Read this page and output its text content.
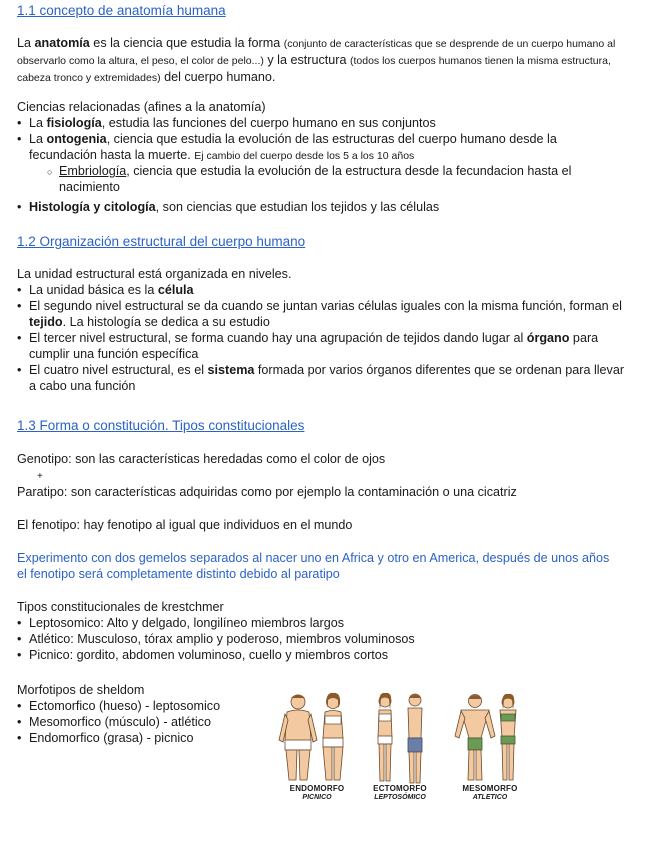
1.1 concepto de anatomía humana

La anatomía es la ciencia que estudia la forma (conjunto de características que se desprende de un cuerpo humano al observarlo como la altura, el peso, el color de pelo...) y la estructura (todos los cuerpos humanos tienen la misma estructura, cabeza tronco y extremidades) del cuerpo humano.

Ciencias relacionadas (afines a la anatomía)

• La fisiología, estudia las funciones del cuerpo humano en sus conjuntos
• La ontogenia, ciencia que estudia la evolución de las estructuras del cuerpo humano desde la fecundación hasta la muerte. Ej cambio del cuerpo desde los 5 a los 10 años
○ Embriología, ciencia que estudia la evolución de la estructura desde la fecundacion hasta el nacimiento
• Histología y citología, son ciencias que estudian los tejidos y las células
1.2 Organización estructural del cuerpo humano

La unidad estructural está organizada en niveles.

• La unidad básica es la célula
• El segundo nivel estructural se da cuando se juntan varias células iguales con la misma función, forman el tejido. La histología se dedica a su estudio
• El tercer nivel estructural, se forma cuando hay una agrupación de tejidos dando lugar al órgano para cumplir una función específica
• El cuatro nivel estructural, es el sistema formada por varios órganos diferentes que se ordenan para llevar a cabo una función
1.3 Forma o constitución. Tipos constitucionales

Genotipo: son las características heredadas como el color de ojos

+

Paratipo: son características adquiridas como por ejemplo la contaminación o una cicatriz

El fenotipo: hay fenotipo al igual que individuos en el mundo

Experimento con dos gemelos separados al nacer uno en Africa y otro en America, después de unos años el fenotipo será completamente distinto debido al paratipo

Tipos constitucionales de krestchmer

• Leptosomico: Alto y delgado, longilíneo miembros largos
• Atlético: Musculoso, tórax amplio y poderoso, miembros voluminosos
• Picnico: gordito, abdomen voluminoso, cuello y miembros cortos

Morfotipos de sheldom

• Ectomorfico (hueso) - leptosomico
• Mesomorfico (músculo) - atlético
• Endomorfico (grasa) - picnico
ENDOMORFO
PICNICO
ECTOMORFO
LEPTOSÓMICO
MESOMORFO
ATLETICO
